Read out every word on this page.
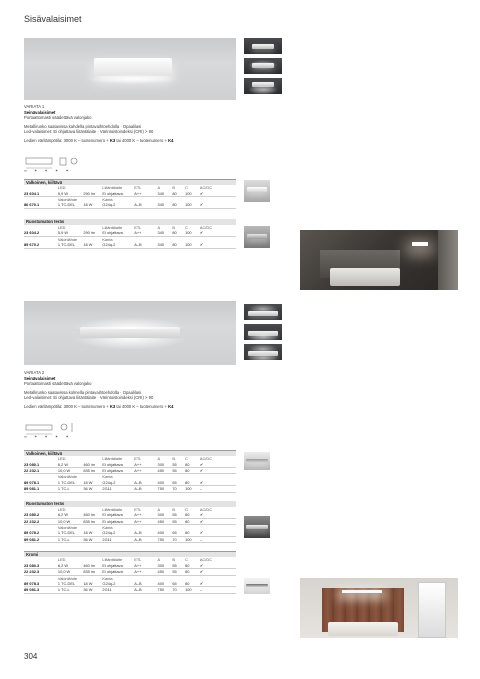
Sisävalaisimet
VARIATA 1
Seinävalaisimet
Portaattomasti säädettävä valonjako
Metallirunko saatavissa kahdella pintavaihtoehdolla · Opaalilasi
Led-valaisimet: Ei ohjattava liitäntälaite · Värintoistoindeksi (CRI) > 90
Ledien värilämpötila: 3000 K – tuotenumero + K3 tai 4000 K – tuotenumero + K4
∞ ✶ ✶ ✶ ✶
Valkoinen, kiiltävä
	LED		Liitäntälaite	ETL	A	B	C	AC/DC
23 604.1	5,9 W	290 lm	Ei ohjattava	A++	340	80	100	✔
	Valonlähde		Kanta					
86 670.1	1 TC-DEL	18 W	G24q-2	A–B	340	80	100	✔
Ruostumaton teräs
	LED		Liitäntälaite	ETL	A	B	C	AC/DC
23 604.2	5,9 W	290 lm	Ei ohjattava	A++	340	80	100	✔
	Valonlähde		Kanta					
89 670.2	1 TC-DEL	18 W	G24q-2	A–B	340	80	100	✔
VARIATA 2
Seinävalaisimet
Portaattomasti säädettävä valonjako
Metallirunko saatavissa kolmella pintavaihtoehdolla · Opaalilasi
Led-valaisimet: Ei ohjattava liitäntälaite · Värintoistoindeksi (CRI) > 90
Ledien värilämpötila: 3000 K – tuotenumero + K3 tai 4000 K – tuotenumero + K4
∞ ✶ ✶ ✶ ✶
Valkoinen, kiiltävä
	LED		Liitäntälaite	ETL	A	B	C	AC/DC
23 080.1	6,2 W	460 lm	Ei ohjattava	A++	300	55	80	✔
22 232.1	10,0 W	835 lm	Ei ohjattava	A++	450	55	80	✔
	Valonlähde		Kanta					
89 078.1	1 TC-DEL	18 W	G24q-2	A–B	400	65	80	✔
89 081.1	1 TC-L	36 W	2G11	A–B	750	70	100	–
Ruostumaton teräs
	LED		Liitäntälaite	ETL	A	B	C	AC/DC
23 080.2	6,2 W	460 lm	Ei ohjattava	A++	300	55	80	✔
22 232.2	10,0 W	835 lm	Ei ohjattava	A++	450	55	80	✔
	Valonlähde		Kanta					
89 078.2	1 TC-DEL	18 W	G24q-2	A–B	400	65	80	✔
89 081.2	1 TC-L	36 W	2G11	A–B	750	70	100	–
Kromi
	LED		Liitäntälaite	ETL	A	B	C	AC/DC
23 080.3	6,2 W	460 lm	Ei ohjattava	A++	300	55	80	✔
22 232.3	10,0 W	835 lm	Ei ohjattava	A++	450	55	80	✔
	Valonlähde		Kanta					
89 078.3	1 TC-DEL	18 W	G24q-2	A–B	400	65	80	✔
89 081.3	1 TC-L	36 W	2G11	A–B	750	70	100	–
304
